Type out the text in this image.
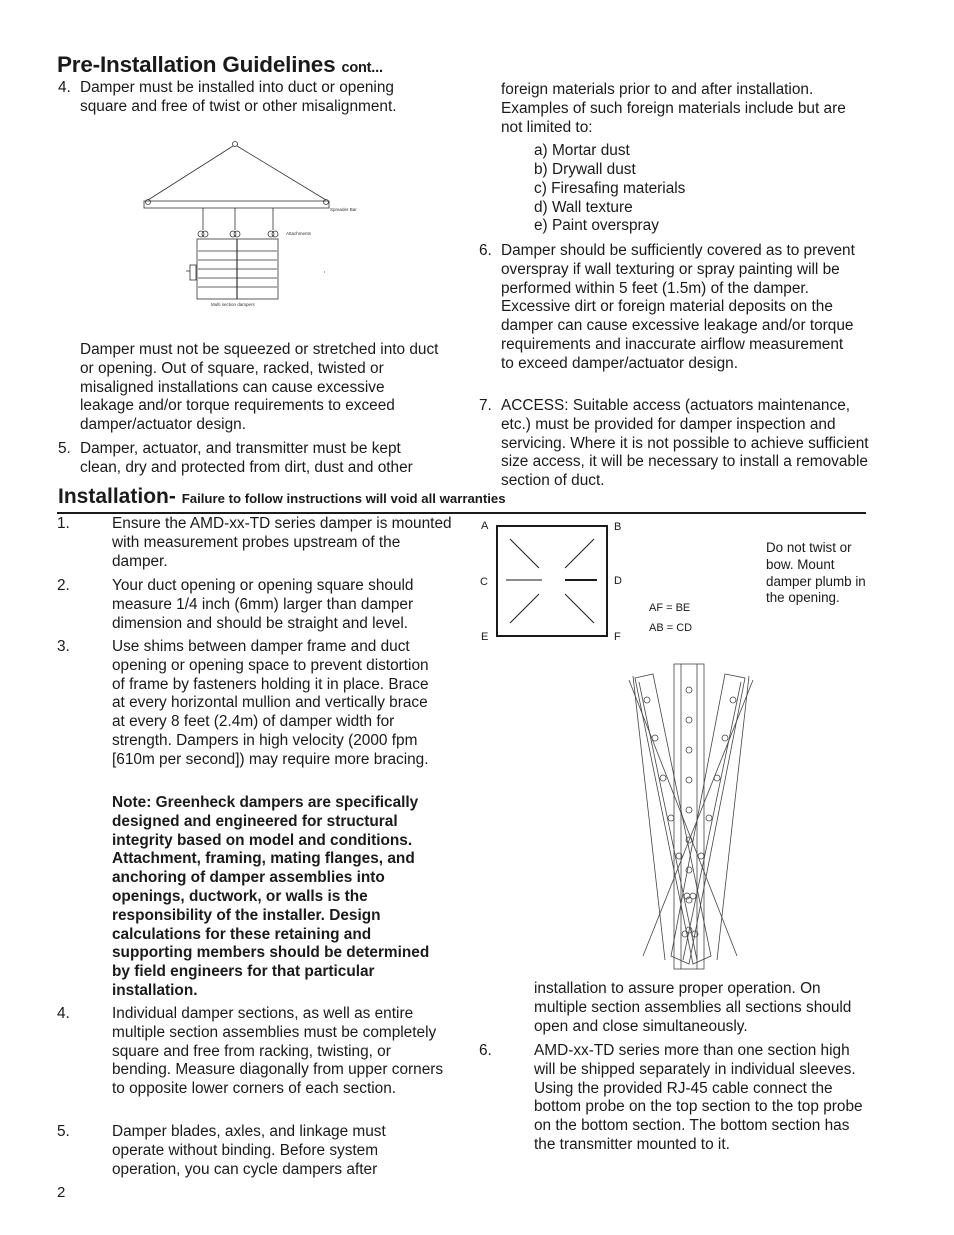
Pre-Installation Guidelines cont...
4. Damper must be installed into duct or opening square and free of twist or other misalignment.
Spreader Bar
Attachments
Multi section dampers
Damper must not be squeezed or stretched into duct or opening. Out of square, racked, twisted or misaligned installations can cause excessive leakage and/or torque requirements to exceed damper/actuator design.
5. Damper, actuator, and transmitter must be kept clean, dry and protected from dirt, dust and other
foreign materials prior to and after installation. Examples of such foreign materials include but are not limited to:
a) Mortar dust
b) Drywall dust
c) Firesafing materials
d) Wall texture
e) Paint overspray
6. Damper should be sufficiently covered as to prevent overspray if wall texturing or spray painting will be performed within 5 feet (1.5m) of the damper. Excessive dirt or foreign material deposits on the damper can cause excessive leakage and/or torque requirements and inaccurate airflow measurement to exceed damper/actuator design.
7. ACCESS: Suitable access (actuators maintenance, etc.) must be provided for damper inspection and servicing. Where it is not possible to achieve sufficient size access, it will be necessary to install a removable section of duct.
Installation- Failure to follow instructions will void all warranties
1.	Ensure the AMD-xx-TD series damper is mounted with measurement probes upstream of the damper.
2.	Your duct opening or opening square should measure 1/4 inch (6mm) larger than damper dimension and should be straight and level.
3.	Use shims between damper frame and duct opening or opening space to prevent distortion of frame by fasteners holding it in place. Brace at every horizontal mullion and vertically brace at every 8 feet (2.4m) of damper width for strength. Dampers in high velocity (2000 fpm [610m per second]) may require more bracing.
Note: Greenheck dampers are specifically designed and engineered for structural integrity based on model and conditions. Attachment, framing, mating flanges, and anchoring of damper assemblies into openings, ductwork, or walls is the responsibility of the installer. Design calculations for these retaining and supporting members should be determined by field engineers for that particular installation.
4.	Individual damper sections, as well as entire multiple section assemblies must be completely square and free from racking, twisting, or bending. Measure diagonally from upper corners to opposite lower corners of each section.
5.	Damper blades, axles, and linkage must operate without binding. Before system operation, you can cycle dampers after
A	B
C	D
E	F
AF = BE
AB = CD
Do not twist or bow. Mount damper plumb in the opening.
installation to assure proper operation. On multiple section assemblies all sections should open and close simultaneously.
6.	AMD-xx-TD series more than one section high will be shipped separately in individual sleeves. Using the provided RJ-45 cable connect the bottom probe on the top section to the top probe on the bottom section. The bottom section has the transmitter mounted to it.
2
